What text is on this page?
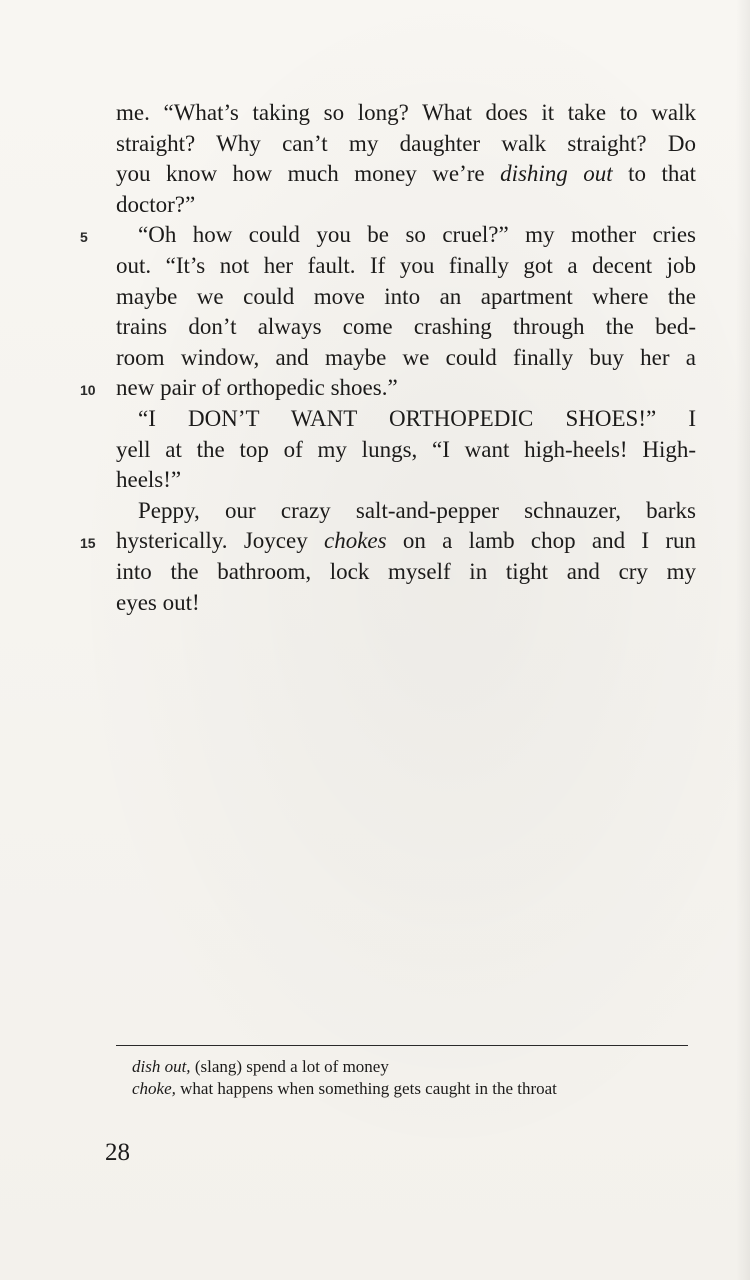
me. “What’s taking so long? What does it take to walk
straight? Why can’t my daughter walk straight? Do
you know how much money we’re dishing out to that
doctor?”
5	“Oh how could you be so cruel?” my mother cries
out. “It’s not her fault. If you finally got a decent job
maybe we could move into an apartment where the
trains don’t always come crashing through the bed-
room window, and maybe we could finally buy her a
10 new pair of orthopedic shoes.”
“I DON’T WANT ORTHOPEDIC SHOES!” I
yell at the top of my lungs, “I want high-heels! High-
heels!”
Peppy, our crazy salt-and-pepper schnauzer, barks
15 hysterically. Joycey chokes on a lamb chop and I run
into the bathroom, lock myself in tight and cry my
eyes out!
dish out, (slang) spend a lot of money
choke, what happens when something gets caught in the throat
28
